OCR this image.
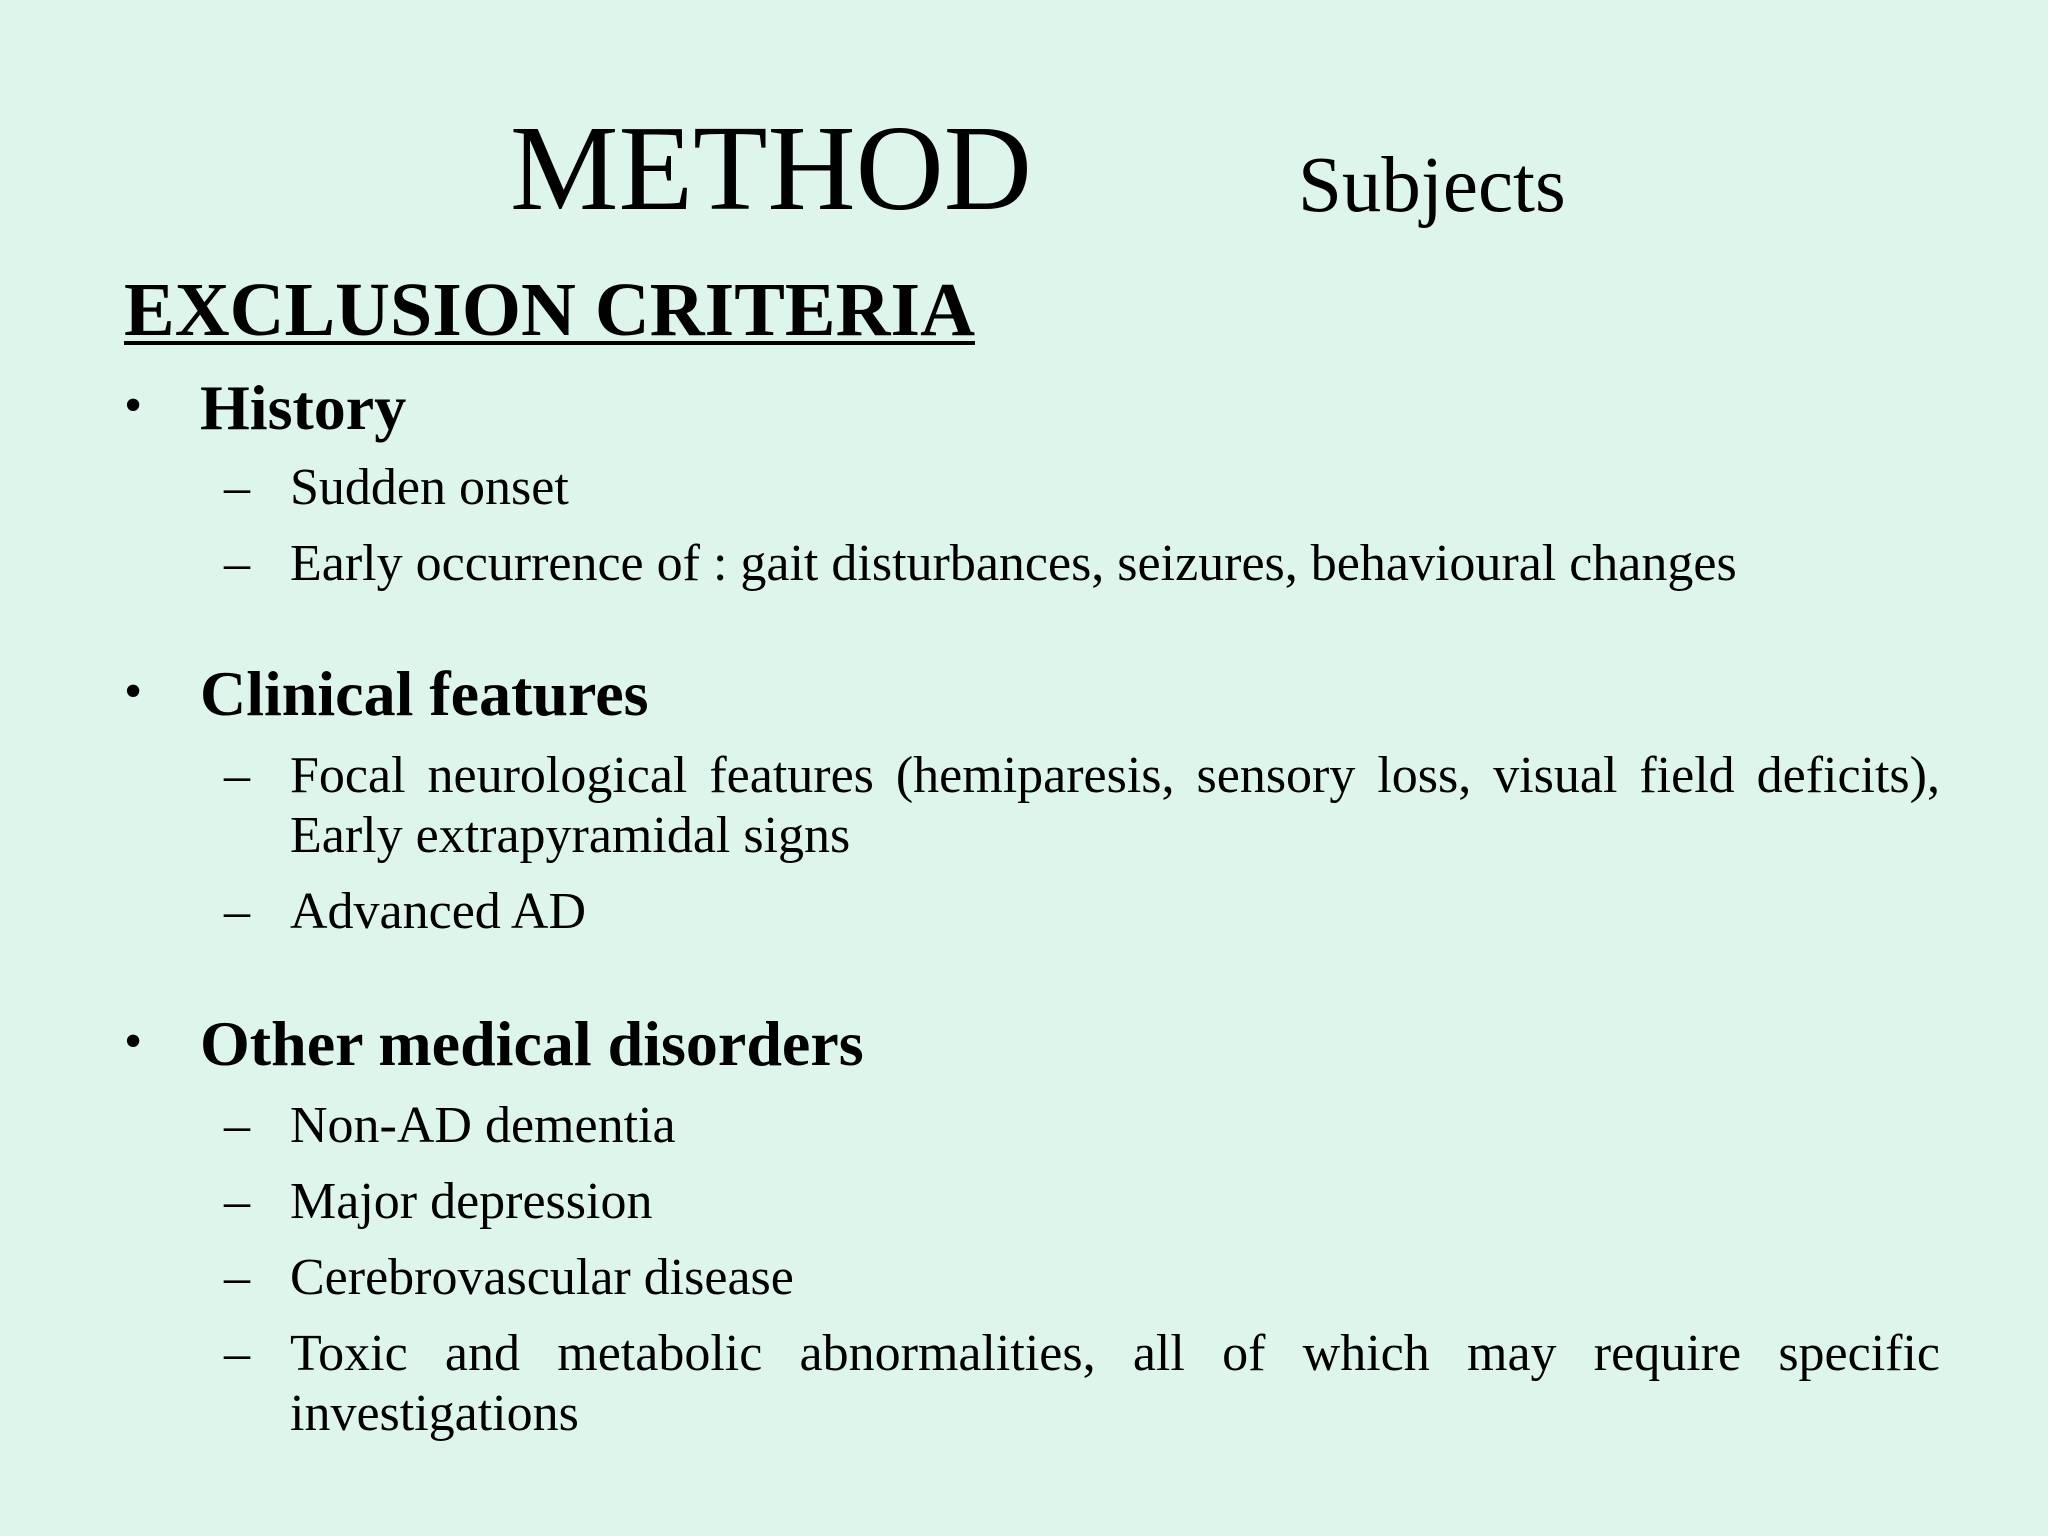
METHOD	Subjects
EXCLUSION CRITERIA
• History
– Sudden onset
– Early occurrence of : gait disturbances, seizures, behavioural changes
• Clinical features
– Focal neurological features (hemiparesis, sensory loss, visual field deficits), Early extrapyramidal signs
– Advanced AD
• Other medical disorders
– Non-AD dementia
– Major depression
– Cerebrovascular disease
– Toxic and metabolic abnormalities, all of which may require specific investigations
